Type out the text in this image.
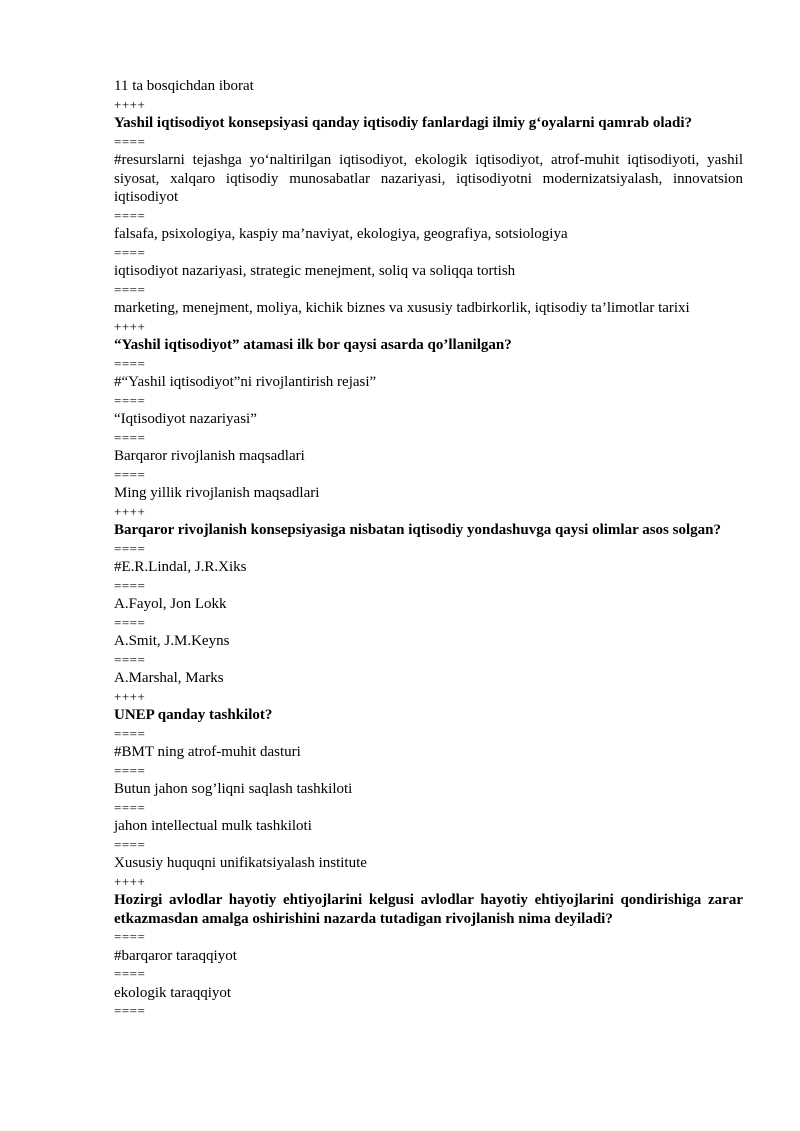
11 ta bosqichdan iborat

++++

Yashil iqtisodiyot konsepsiyasi qanday iqtisodiy fanlardagi ilmiy g‘oyalarni qamrab oladi?

====

#resurslarni tejashga yo‘naltirilgan iqtisodiyot, ekologik iqtisodiyot, atrof-muhit iqtisodiyoti, yashil siyosat, xalqaro iqtisodiy munosabatlar nazariyasi, iqtisodiyotni modernizatsiyalash, innovatsion iqtisodiyot

====

falsafa, psixologiya, kaspiy ma’naviyat, ekologiya, geografiya, sotsiologiya

====

iqtisodiyot nazariyasi, strategic menejment, soliq va soliqqa tortish

====

marketing, menejment, moliya, kichik biznes va xususiy tadbirkorlik, iqtisodiy ta’limotlar tarixi

++++

“Yashil iqtisodiyot” atamasi ilk bor qaysi asarda qo’llanilgan?

====

#“Yashil iqtisodiyot”ni rivojlantirish rejasi”

====

“Iqtisodiyot nazariyasi”

====

Barqaror rivojlanish maqsadlari

====

Ming yillik rivojlanish maqsadlari

++++

Barqaror rivojlanish konsepsiyasiga nisbatan iqtisodiy yondashuvga qaysi olimlar asos solgan?

====

#E.R.Lindal, J.R.Xiks

====

A.Fayol, Jon Lokk

====

A.Smit, J.M.Keyns

====

A.Marshal, Marks

++++

UNEP qanday tashkilot?

====

#BMT ning atrof-muhit dasturi

====

Butun jahon sog’liqni saqlash tashkiloti

====

jahon intellectual mulk tashkiloti

====

Xususiy huquqni unifikatsiyalash institute

++++

Hozirgi avlodlar hayotiy ehtiyojlarini kelgusi avlodlar hayotiy ehtiyojlarini qondirishiga zarar etkazmasdan amalga oshirishini nazarda tutadigan rivojlanish nima deyiladi?

====

#barqaror taraqqiyot

====

ekologik taraqqiyot

====
